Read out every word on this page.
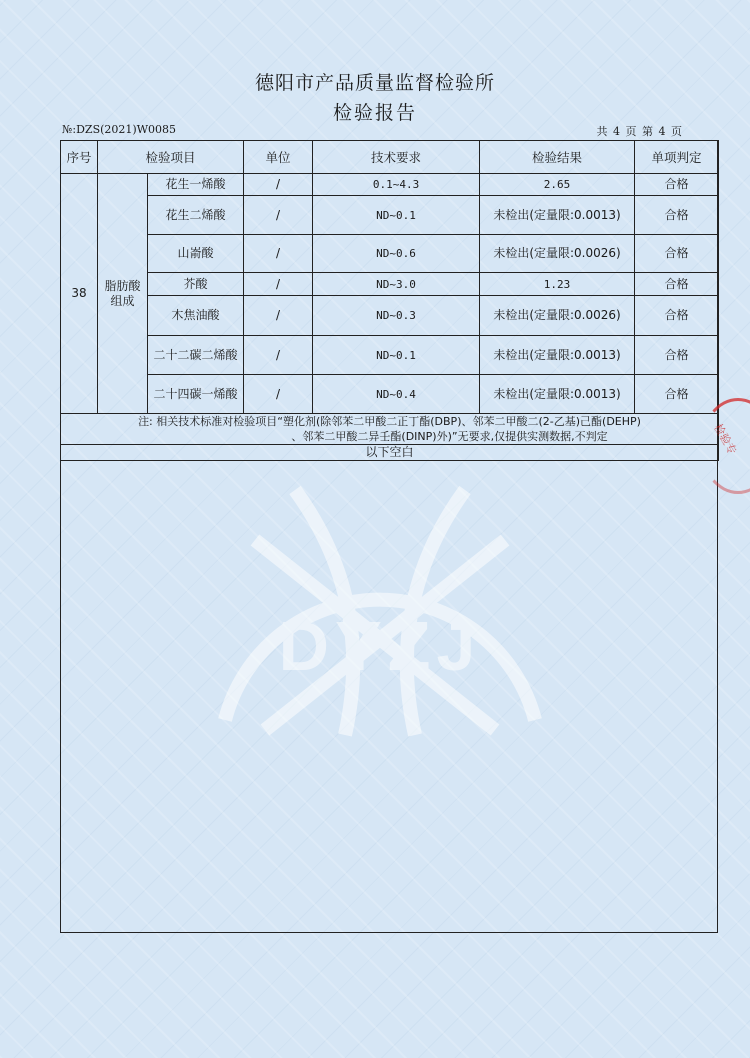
DYZJ
德阳市产品质量监督检验所
检验报告
№:DZS(2021)W0085	共 4 页 第 4 页
序号	检验项目		单位	技术要求	检验结果	单项判定
38	脂肪酸组成	花生一烯酸	/	0.1~4.3	2.65	合格
		花生二烯酸	/	ND~0.1	未检出(定量限:0.0013)	合格
		山嵛酸	/	ND~0.6	未检出(定量限:0.0026)	合格
		芥酸	/	ND~3.0	1.23	合格
		木焦油酸	/	ND~0.3	未检出(定量限:0.0026)	合格
		二十二碳二烯酸	/	ND~0.1	未检出(定量限:0.0013)	合格
		二十四碳一烯酸	/	ND~0.4	未检出(定量限:0.0013)	合格

注: 相关技术标准对检验项目“塑化剂(除邻苯二甲酸二正丁酯(DBP)、邻苯二甲酸二(2-乙基)己酯(DEHP)
、邻苯二甲酸二异壬酯(DINP)外)”无要求,仅提供实测数据,不判定						

以下空白							检验专
